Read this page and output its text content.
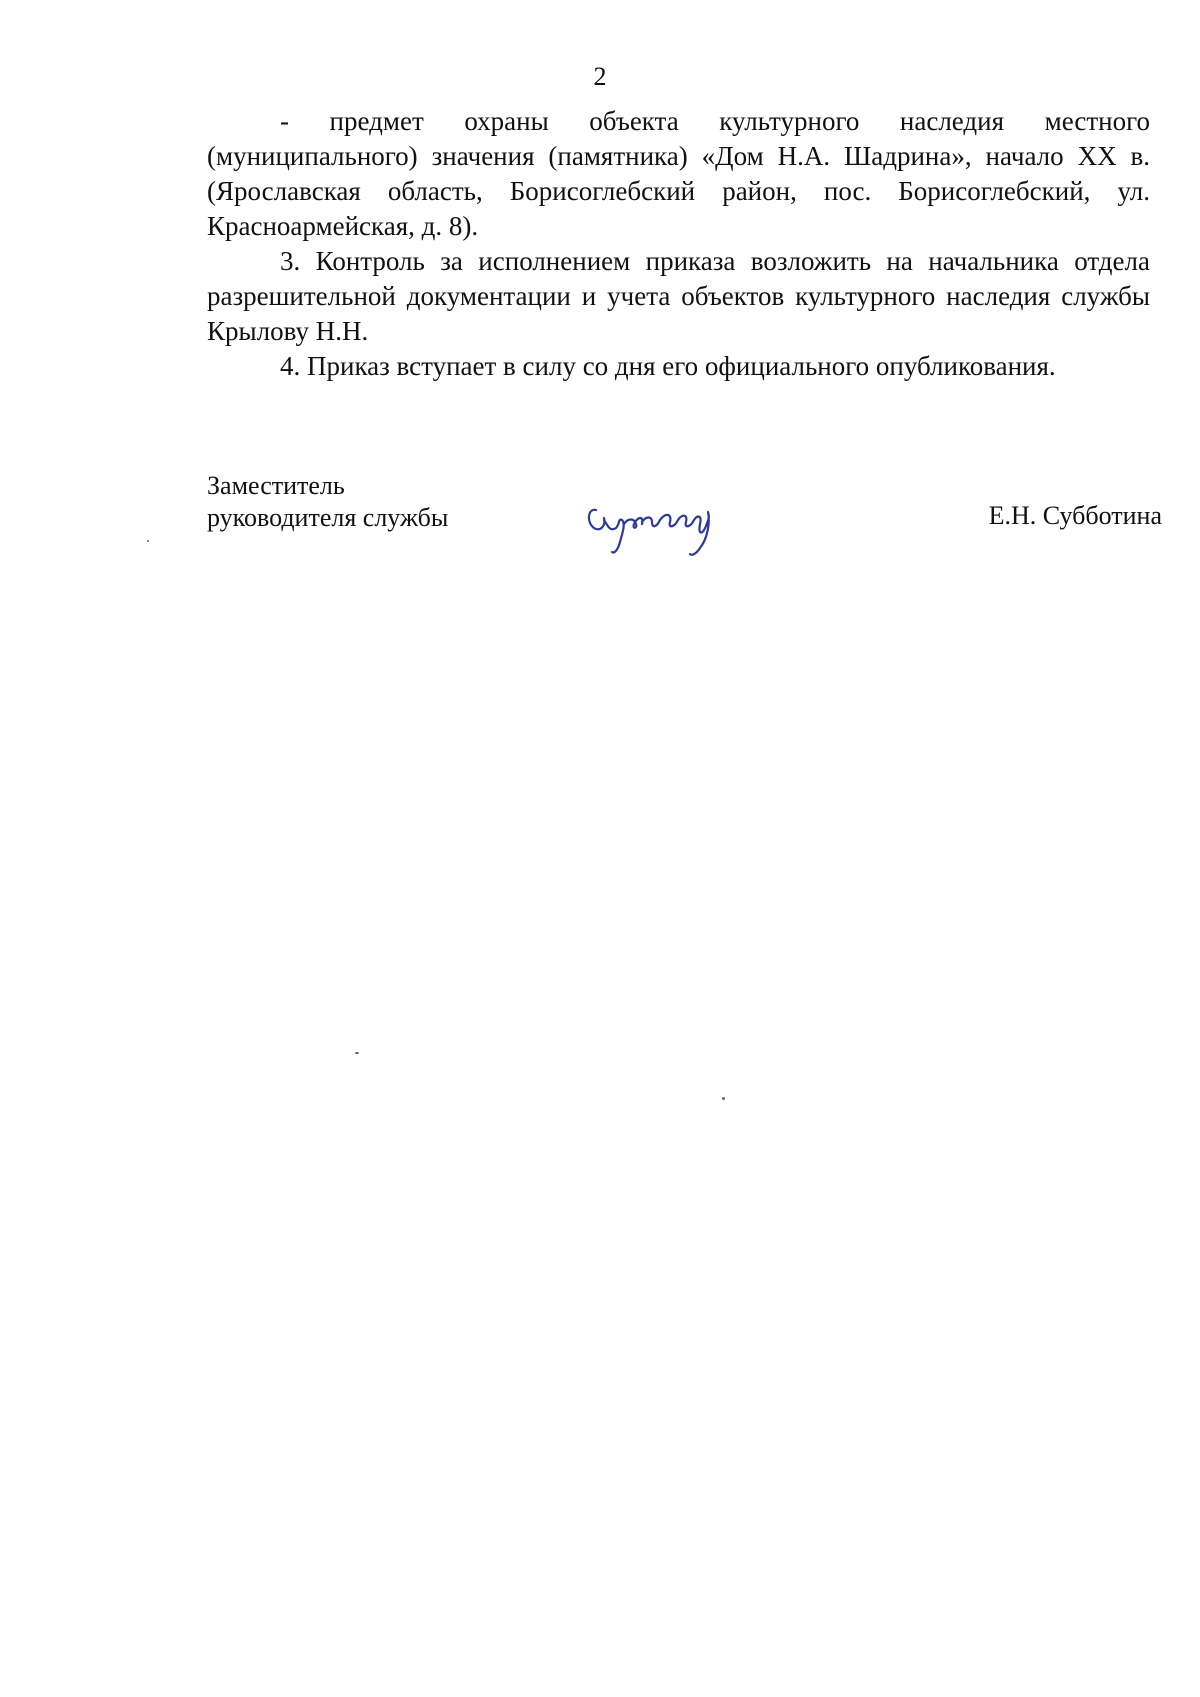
2

- предмет охраны объекта культурного наследия местного (муниципального) значения (памятника) «Дом Н.А. Шадрина», начало XX в. (Ярославская область, Борисоглебский район, пос. Борисоглебский, ул. Красноармейская, д. 8).

3. Контроль за исполнением приказа возложить на начальника отдела разрешительной документации и учета объектов культурного наследия службы Крылову Н.Н.

4. Приказ вступает в силу со дня его официального опубликования.

Заместитель
руководителя службы	Е.Н. Субботина
